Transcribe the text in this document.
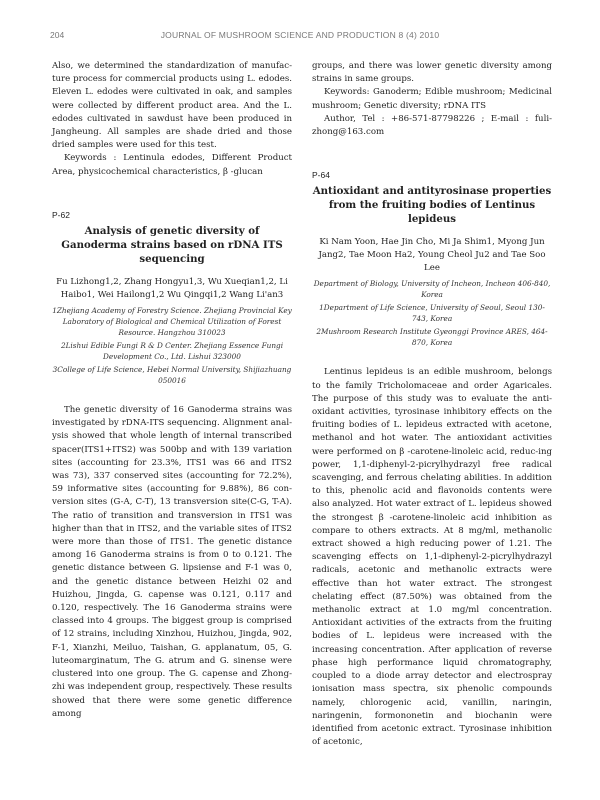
204	JOURNAL OF MUSHROOM SCIENCE AND PRODUCTION 8 (4) 2010

Also, we determined the standardization of manufac-ture process for commercial products using L. edodes. Eleven L. edodes were cultivated in oak, and samples were collected by different product area. And the L. edodes cultivated in sawdust have been produced in Jangheung. All samples are shade dried and those dried samples were used for this test.

Keywords : Lentinula edodes, Different Product Area, physicochemical characteristics, β -glucan

P-62
Analysis of genetic diversity of Ganoderma strains based on rDNA ITS sequencing
Fu Lizhong1,2, Zhang Hongyu1,3, Wu Xueqian1,2, Li Haibo1, Wei Hailong1,2 Wu Qingqi1,2 Wang Li'an3

1Zhejiang Academy of Forestry Science. Zhejiang Provincial Key Laboratory of Biological and Chemical Utilization of Forest Resource. Hangzhou 310023

2Lishui Edible Fungi R & D Center. Zhejiang Essence Fungi Development Co., Ltd. Lishui 323000

3College of Life Science, Hebei Normal University, Shijiazhuang 050016

The genetic diversity of 16 Ganoderma strains was investigated by rDNA-ITS sequencing. Alignment anal-ysis showed that whole length of internal transcribed spacer(ITS1+ITS2) was 500bp and with 139 variation sites (accounting for 23.3%, ITS1 was 66 and ITS2 was 73), 337 conserved sites (accounting for 72.2%), 59 informative sites (accounting for 9.88%), 86 con-version sites (G-A, C-T), 13 transversion site(C-G, T-A). The ratio of transition and transversion in ITS1 was higher than that in ITS2, and the variable sites of ITS2 were more than those of ITS1. The genetic distance among 16 Ganoderma strains is from 0 to 0.121. The genetic distance between G. lipsiense and F-1 was 0, and the genetic distance between Heizhi 02 and Huizhou, Jingda, G. capense was 0.121, 0.117 and 0.120, respectively. The 16 Ganoderma strains were classed into 4 groups. The biggest group is comprised of 12 strains, including Xinzhou, Huizhou, Jingda, 902, F-1, Xianzhi, Meiluo, Taishan, G. applanatum, 05, G. luteomarginatum, The G. atrum and G. sinense were clustered into one group. The G. capense and Zhong-zhi was independent group, respectively. These results showed that there were some genetic difference among

groups, and there was lower genetic diversity among strains in same groups.

Keywords: Ganoderm; Edible mushroom; Medicinal mushroom; Genetic diversity; rDNA ITS

Author, Tel : +86-571-87798226 ; E-mail : fuli-zhong@163.com

P-64
Antioxidant and antityrosinase properties from the fruiting bodies of Lentinus lepideus
Ki Nam Yoon, Hae Jin Cho, Mi Ja Shim1, Myong Jun Jang2, Tae Moon Ha2, Young Cheol Ju2 and Tae Soo Lee

Department of Biology, University of Incheon, Incheon 406-840, Korea

1Department of Life Science, University of Seoul, Seoul 130-743, Korea

2Mushroom Research Institute Gyeonggi Province ARES, 464-870, Korea

Lentinus lepideus is an edible mushroom, belongs to the family Tricholomaceae and order Agaricales. The purpose of this study was to evaluate the anti-oxidant activities, tyrosinase inhibitory effects on the fruiting bodies of L. lepideus extracted with acetone, methanol and hot water. The antioxidant activities were performed on β -carotene-linoleic acid, reduc-ing power, 1,1-diphenyl-2-picrylhydrazyl free radical scavenging, and ferrous chelating abilities. In addition to this, phenolic acid and flavonoids contents were also analyzed. Hot water extract of L. lepideus showed the strongest β -carotene-linoleic acid inhibition as compare to others extracts. At 8 mg/ml, methanolic extract showed a high reducing power of 1.21. The scavenging effects on 1,1-diphenyl-2-picrylhydrazyl radicals, acetonic and methanolic extracts were effective than hot water extract. The strongest chelating effect (87.50%) was obtained from the methanolic extract at 1.0 mg/ml concentration. Antioxidant activities of the extracts from the fruiting bodies of L. lepideus were increased with the increasing concentration. After application of reverse phase high performance liquid chromatography, coupled to a diode array detector and electrospray ionisation mass spectra, six phenolic compounds namely, chlorogenic acid, vanillin, naringin, naringenin, formononetin and biochanin were identified from acetonic extract. Tyrosinase inhibition of acetonic,
